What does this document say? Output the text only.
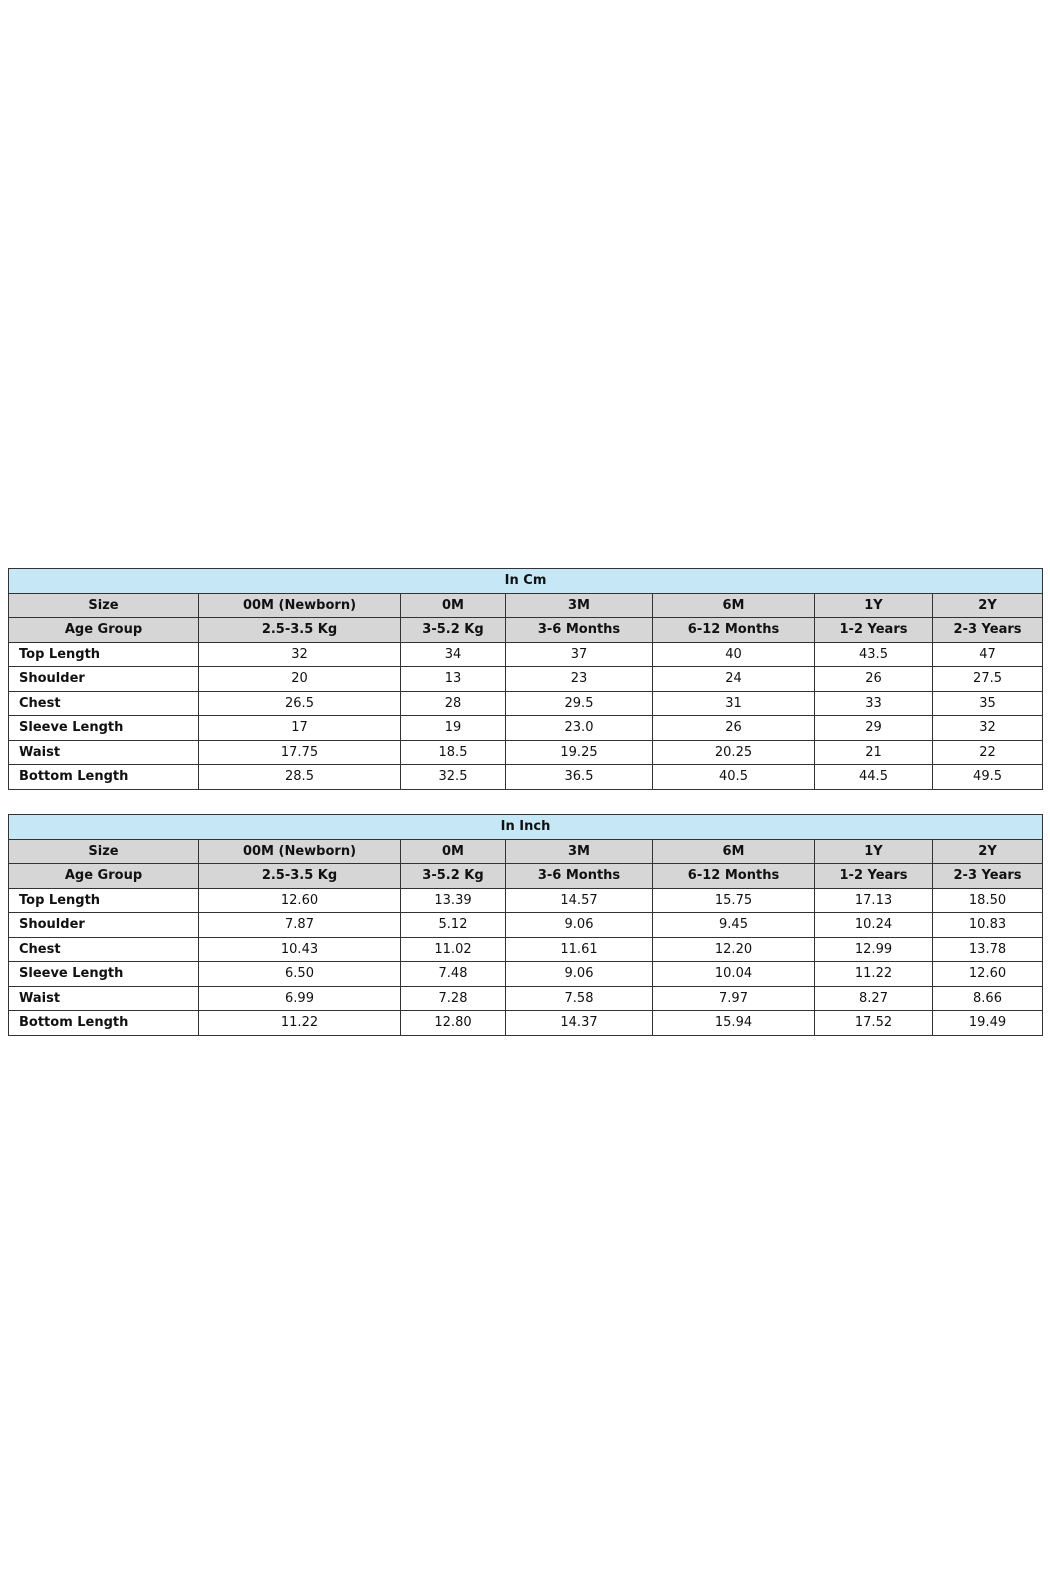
In Cm						
Size	00M (Newborn)	0M	3M	6M	1Y	2Y
Age Group	2.5-3.5 Kg	3-5.2 Kg	3-6 Months	6-12 Months	1-2 Years	2-3 Years
Top Length	32	34	37	40	43.5	47
Shoulder	20	13	23	24	26	27.5
Chest	26.5	28	29.5	31	33	35
Sleeve Length	17	19	23.0	26	29	32
Waist	17.75	18.5	19.25	20.25	21	22
Bottom Length	28.5	32.5	36.5	40.5	44.5	49.5
In Inch						
Size	00M (Newborn)	0M	3M	6M	1Y	2Y
Age Group	2.5-3.5 Kg	3-5.2 Kg	3-6 Months	6-12 Months	1-2 Years	2-3 Years
Top Length	12.60	13.39	14.57	15.75	17.13	18.50
Shoulder	7.87	5.12	9.06	9.45	10.24	10.83
Chest	10.43	11.02	11.61	12.20	12.99	13.78
Sleeve Length	6.50	7.48	9.06	10.04	11.22	12.60
Waist	6.99	7.28	7.58	7.97	8.27	8.66
Bottom Length	11.22	12.80	14.37	15.94	17.52	19.49
